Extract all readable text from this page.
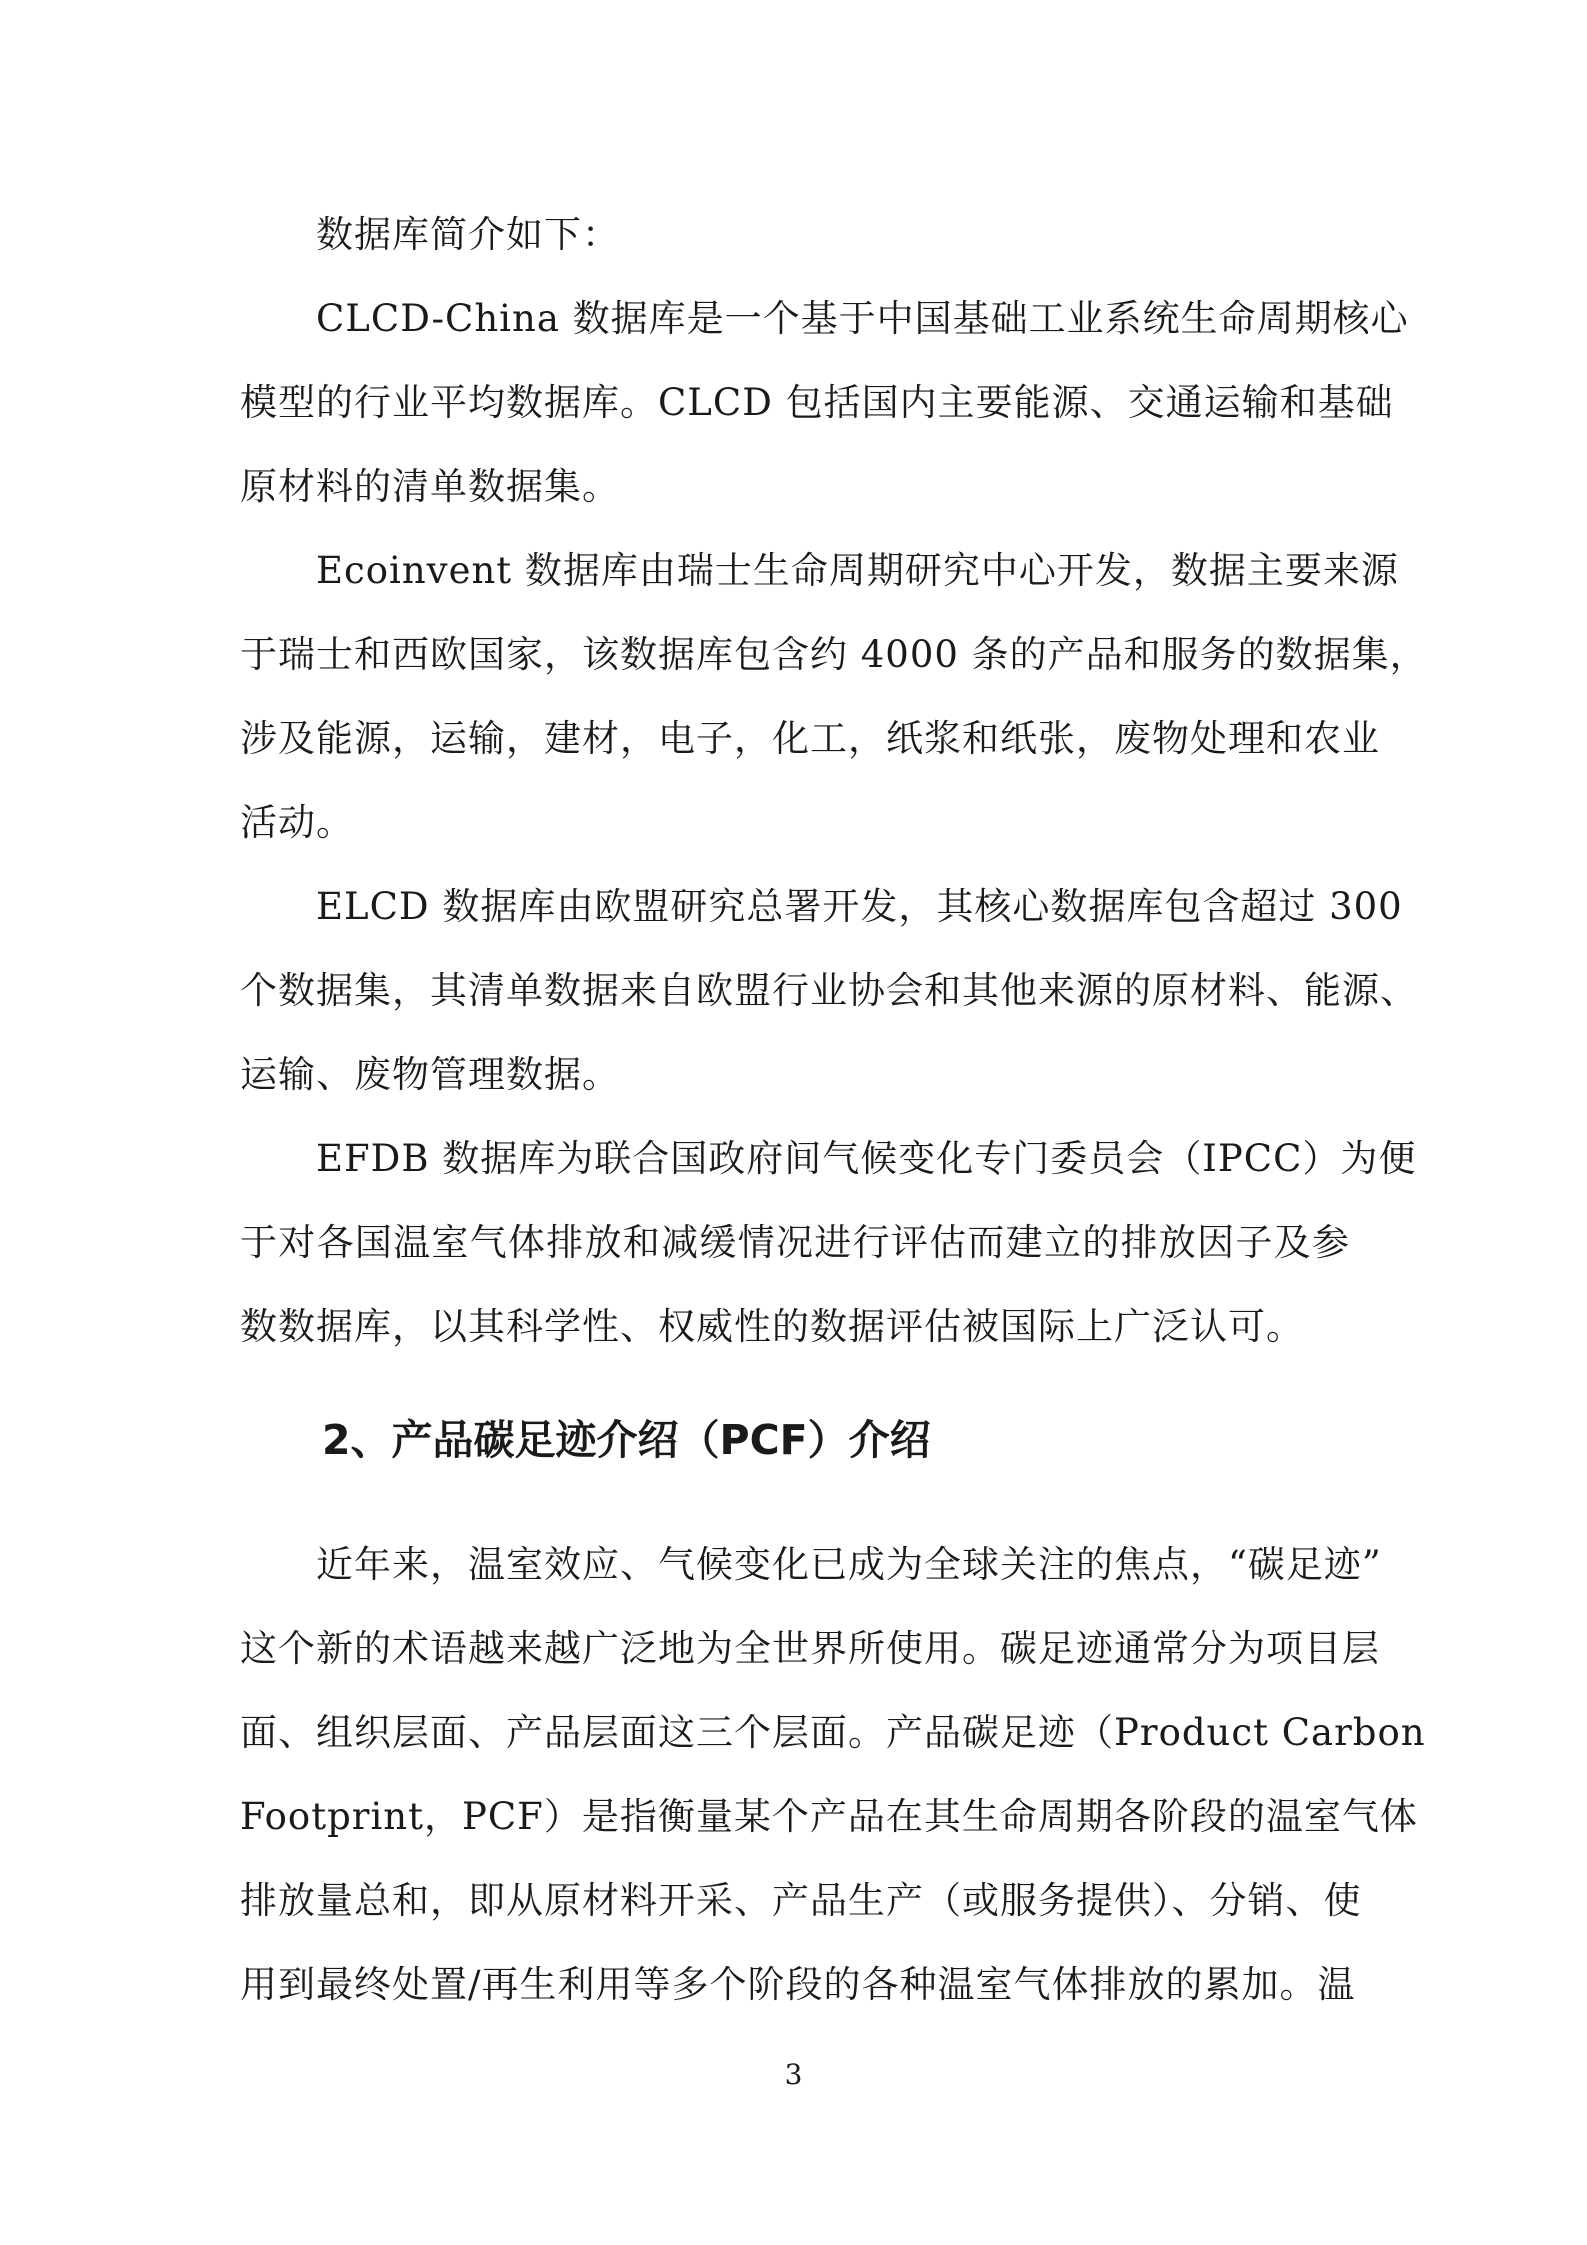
数据库简介如下：
CLCD-China 数据库是一个基于中国基础工业系统生命周期核心
模型的行业平均数据库。CLCD 包括国内主要能源、交通运输和基础
原材料的清单数据集。
Ecoinvent 数据库由瑞士生命周期研究中心开发，数据主要来源
于瑞士和西欧国家，该数据库包含约 4000 条的产品和服务的数据集，
涉及能源，运输，建材，电子，化工，纸浆和纸张，废物处理和农业
活动。
ELCD 数据库由欧盟研究总署开发，其核心数据库包含超过 300
个数据集，其清单数据来自欧盟行业协会和其他来源的原材料、能源、
运输、废物管理数据。
EFDB 数据库为联合国政府间气候变化专门委员会（IPCC）为便
于对各国温室气体排放和减缓情况进行评估而建立的排放因子及参
数数据库，以其科学性、权威性的数据评估被国际上广泛认可。
2、产品碳足迹介绍（PCF）介绍
近年来，温室效应、气候变化已成为全球关注的焦点，“碳足迹”
这个新的术语越来越广泛地为全世界所使用。碳足迹通常分为项目层
面、组织层面、产品层面这三个层面。产品碳足迹（Product Carbon
Footprint，PCF）是指衡量某个产品在其生命周期各阶段的温室气体
排放量总和，即从原材料开采、产品生产（或服务提供）、分销、使
用到最终处置/再生利用等多个阶段的各种温室气体排放的累加。温
3
